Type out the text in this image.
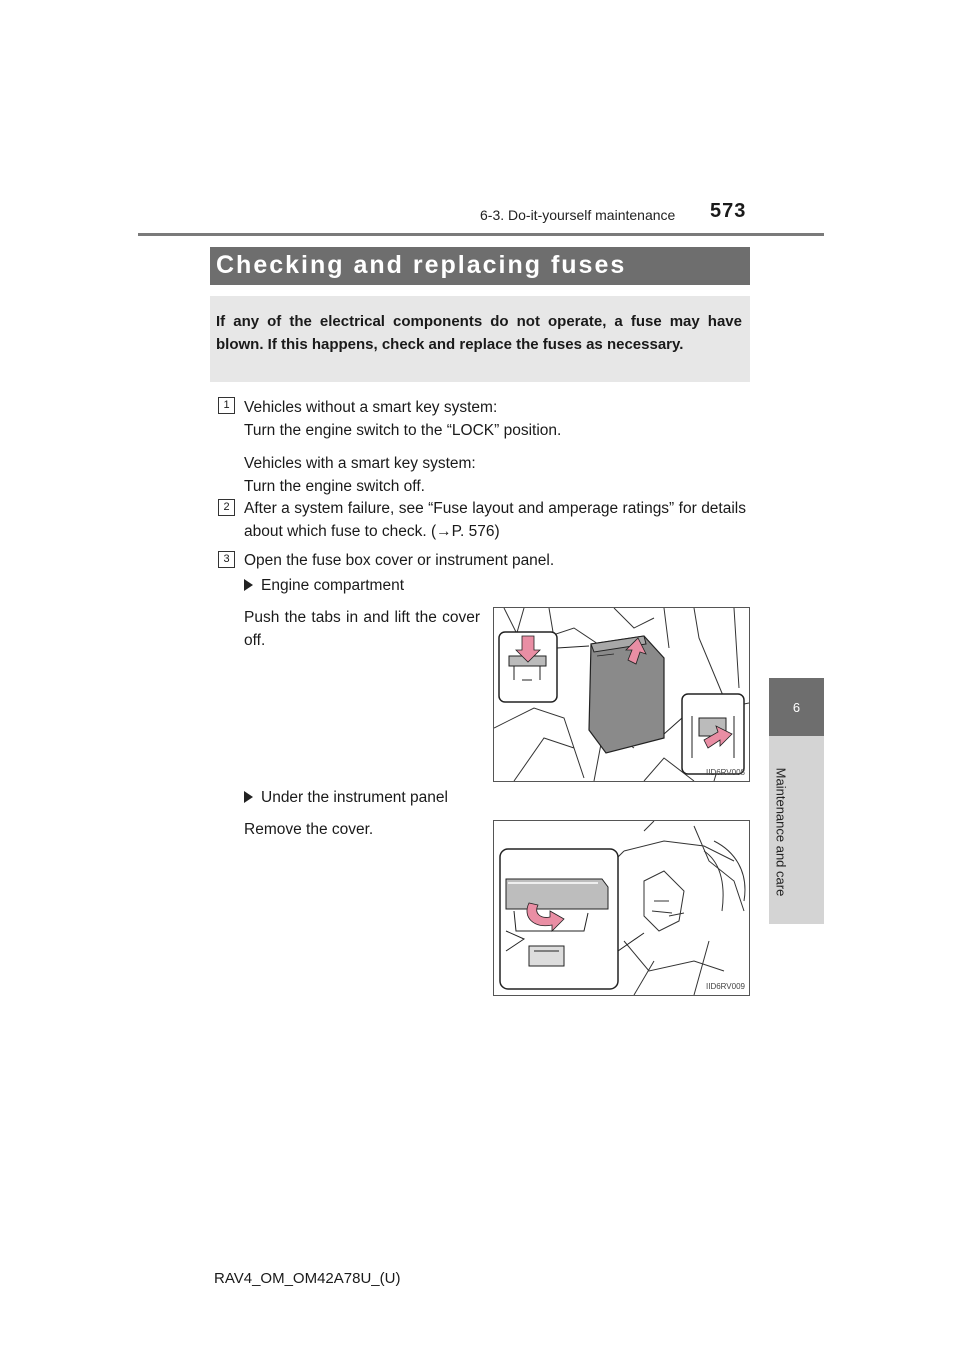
6-3. Do-it-yourself maintenance 573
6
Maintenance and care
Checking and replacing fuses
If any of the electrical components do not operate, a fuse may have blown. If this happens, check and replace the fuses as necessary.
1 Vehicles without a smart key system:
Turn the engine switch to the “LOCK” position.
Vehicles with a smart key system:
Turn the engine switch off.
2 After a system failure, see “Fuse layout and amperage ratings” for details about which fuse to check. (→P. 576)
3 Open the fuse box cover or instrument panel.
Engine compartment
Push the tabs in and lift the cover off.
IID6RV008
Under the instrument panel
Remove the cover.
IID6RV009
RAV4_OM_OM42A78U_(U)
